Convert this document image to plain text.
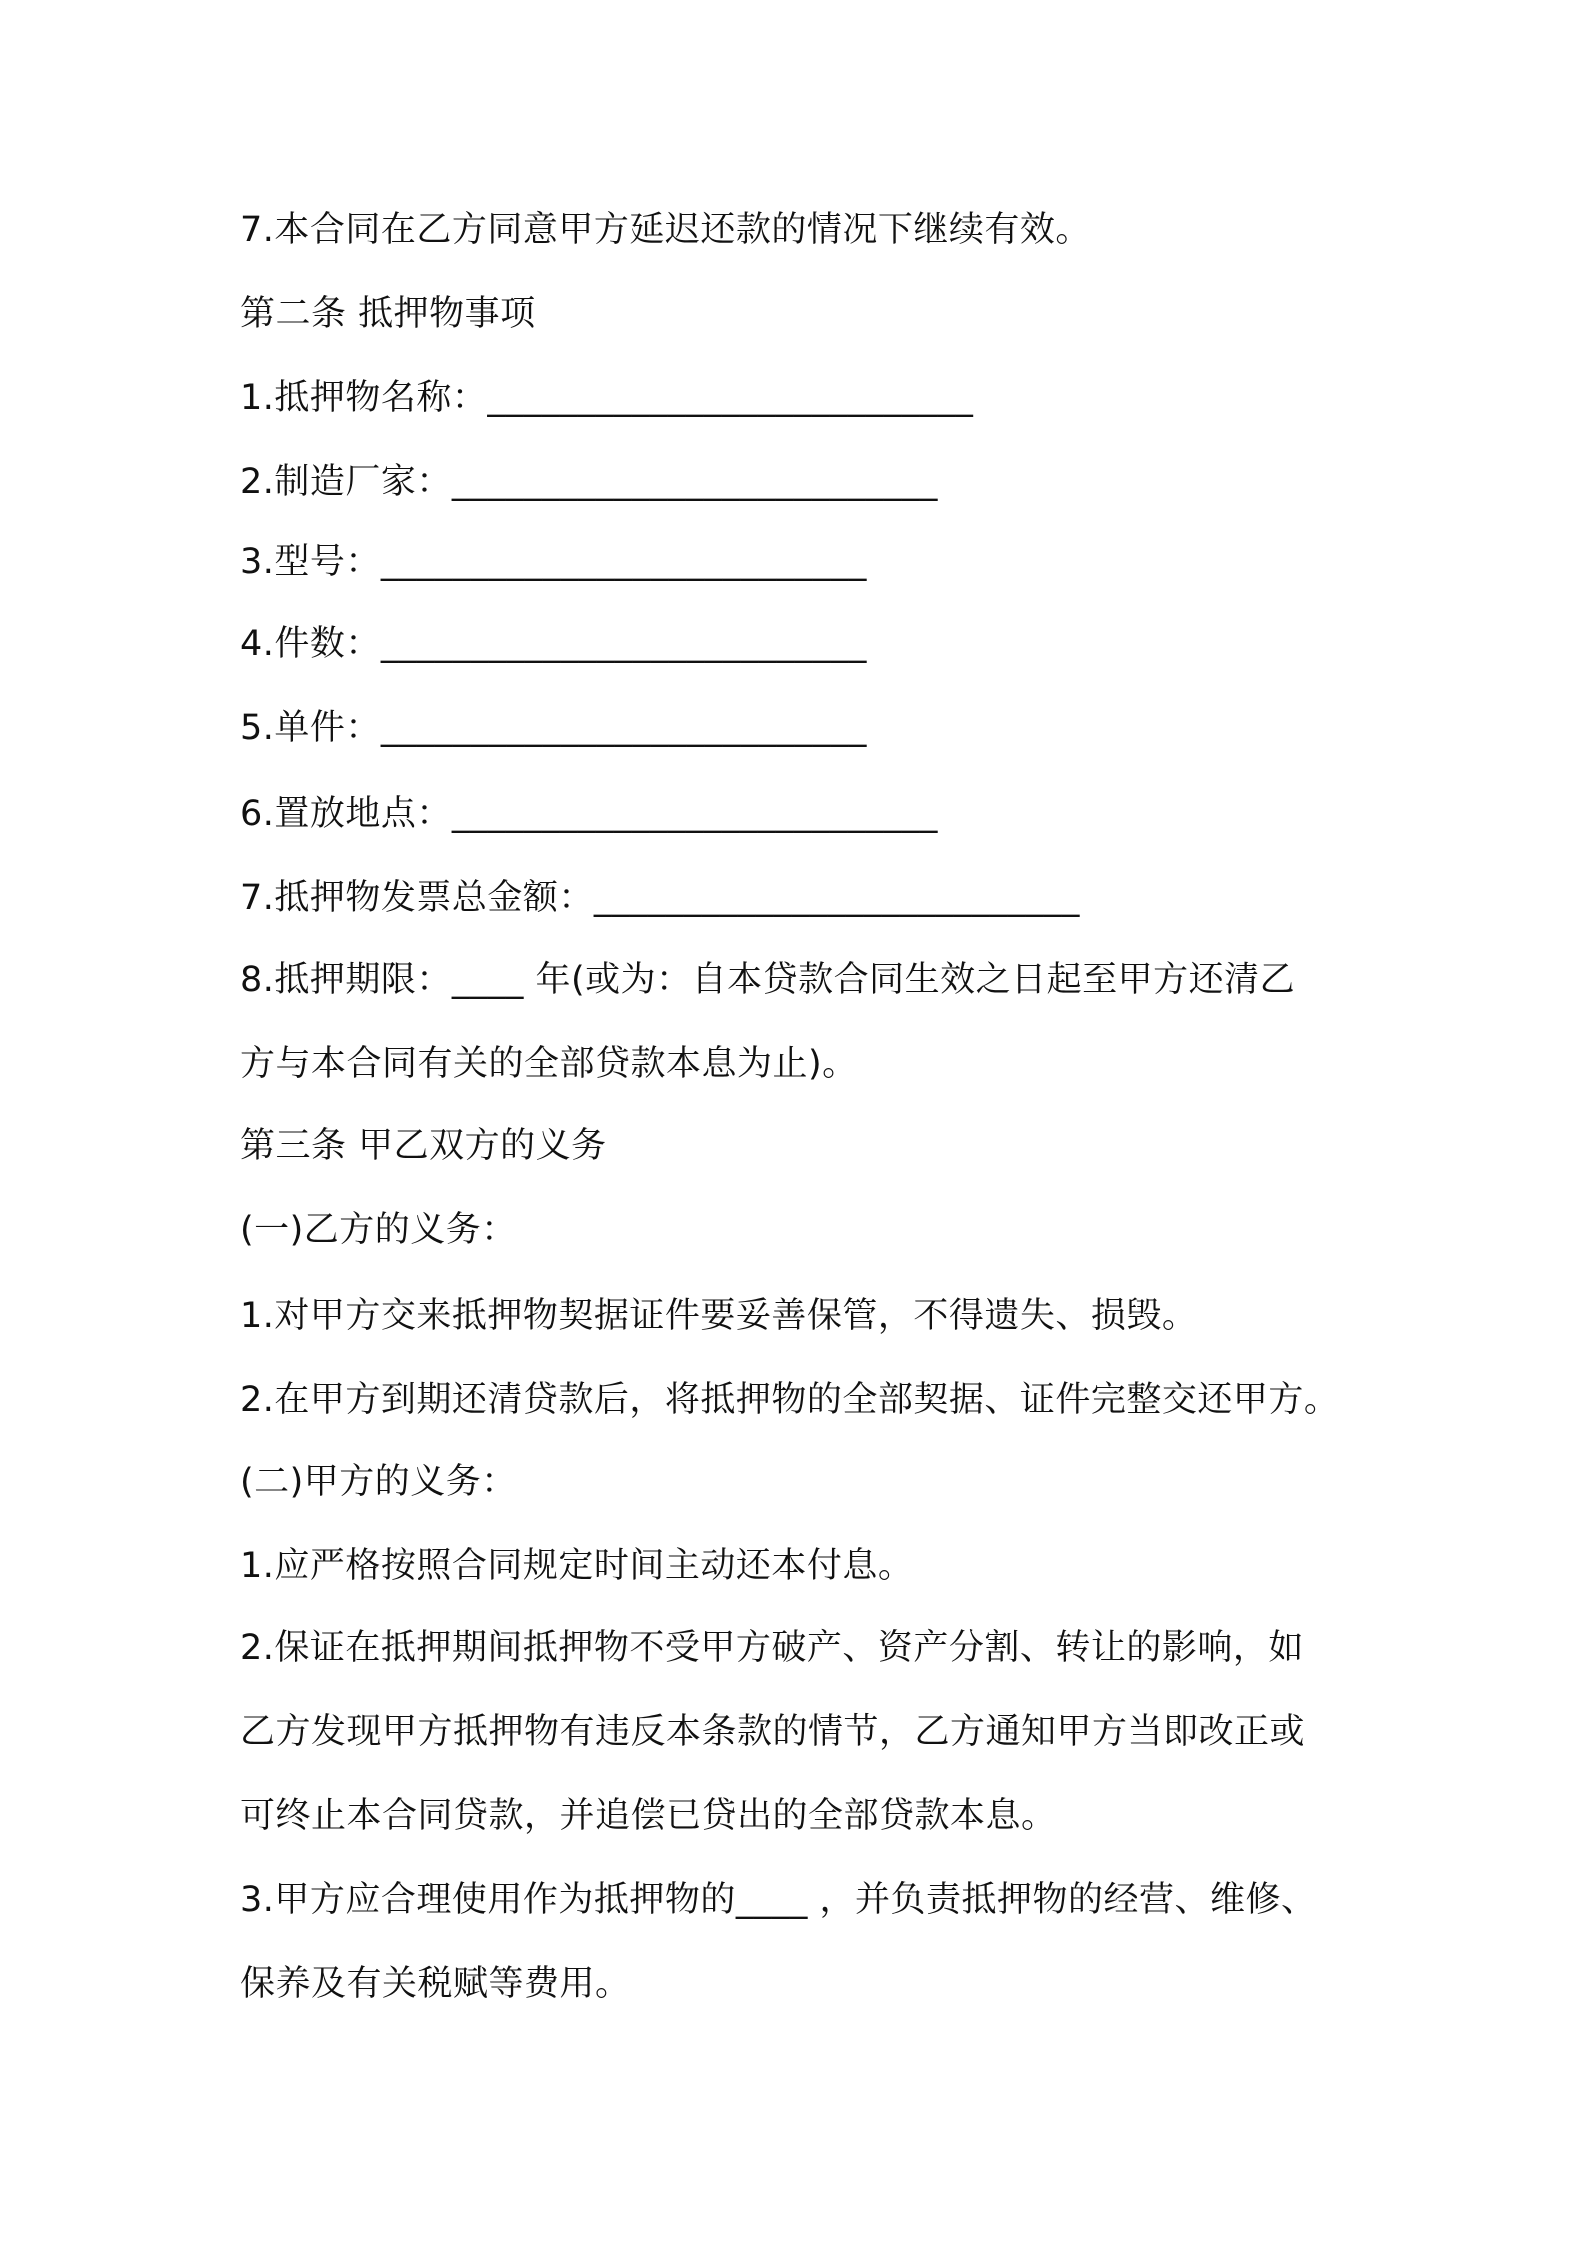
7.本合同在乙方同意甲方延迟还款的情况下继续有效。
第二条 抵押物事项
1.抵押物名称：___________________________
2.制造厂家：___________________________
3.型号：___________________________
4.件数：___________________________
5.单件：___________________________
6.置放地点：___________________________
7.抵押物发票总金额：___________________________
8.抵押期限：____ 年(或为：自本贷款合同生效之日起至甲方还清乙
方与本合同有关的全部贷款本息为止)。
第三条 甲乙双方的义务
(一)乙方的义务：
1.对甲方交来抵押物契据证件要妥善保管，不得遗失、损毁。
2.在甲方到期还清贷款后，将抵押物的全部契据、证件完整交还甲方。
(二)甲方的义务：
1.应严格按照合同规定时间主动还本付息。
2.保证在抵押期间抵押物不受甲方破产、资产分割、转让的影响，如
乙方发现甲方抵押物有违反本条款的情节，乙方通知甲方当即改正或
可终止本合同贷款，并追偿已贷出的全部贷款本息。
3.甲方应合理使用作为抵押物的____ ，并负责抵押物的经营、维修、
保养及有关税赋等费用。
